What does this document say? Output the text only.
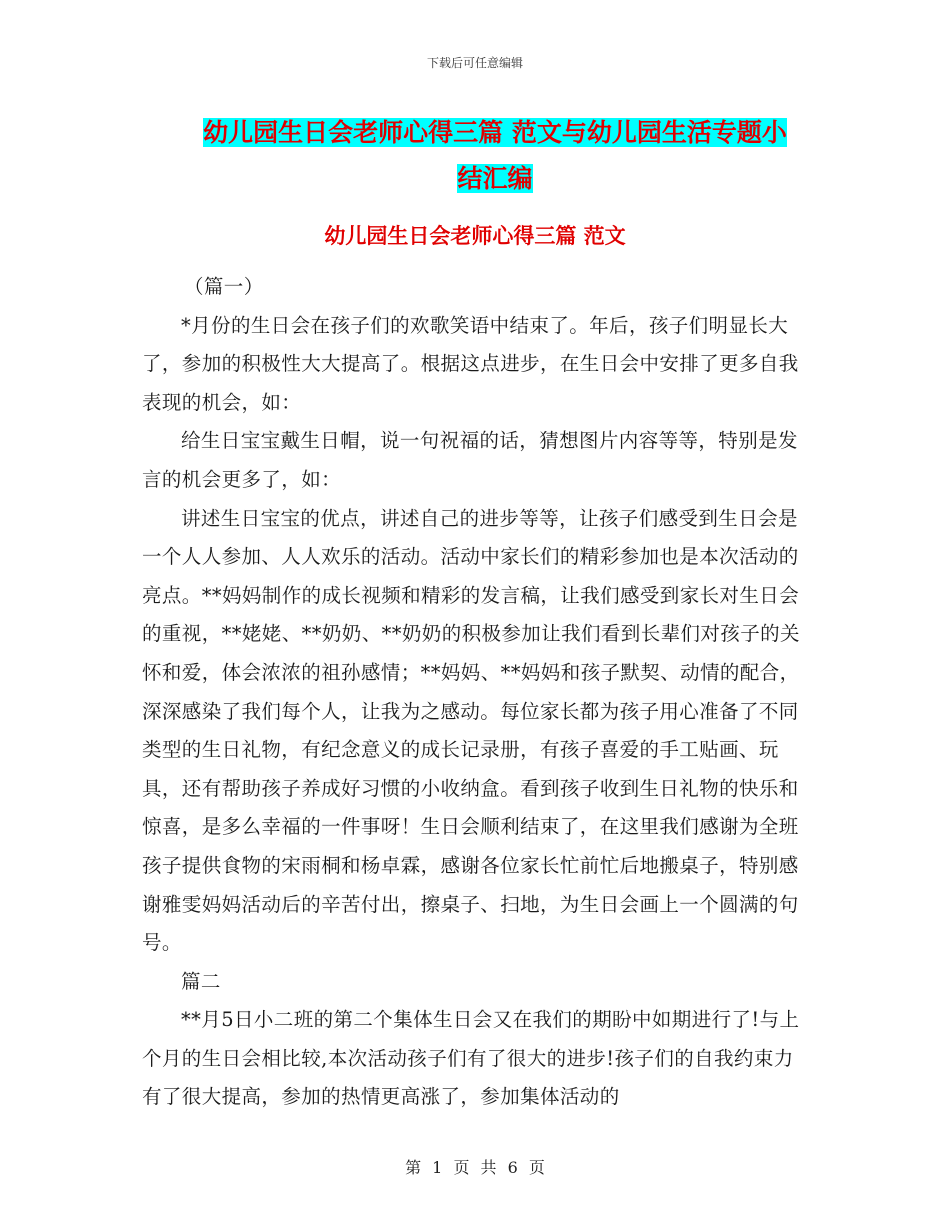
下载后可任意编辑
幼儿园生日会老师心得三篇 范文与幼儿园生活专题小
结汇编
幼儿园生日会老师心得三篇 范文

（篇一）

*月份的生日会在孩子们的欢歌笑语中结束了。年后，孩子们明显长大了，参加的积极性大大提高了。根据这点进步，在生日会中安排了更多自我表现的机会，如：

给生日宝宝戴生日帽，说一句祝福的话，猜想图片内容等等，特别是发言的机会更多了，如：

讲述生日宝宝的优点，讲述自己的进步等等，让孩子们感受到生日会是一个人人参加、人人欢乐的活动。活动中家长们的精彩参加也是本次活动的亮点。**妈妈制作的成长视频和精彩的发言稿，让我们感受到家长对生日会的重视，**姥姥、**奶奶、**奶奶的积极参加让我们看到长辈们对孩子的关怀和爱，体会浓浓的祖孙感情；**妈妈、**妈妈和孩子默契、动情的配合，深深感染了我们每个人，让我为之感动。每位家长都为孩子用心准备了不同类型的生日礼物，有纪念意义的成长记录册，有孩子喜爱的手工贴画、玩具，还有帮助孩子养成好习惯的小收纳盒。看到孩子收到生日礼物的快乐和惊喜，是多么幸福的一件事呀！生日会顺利结束了，在这里我们感谢为全班孩子提供食物的宋雨桐和杨卓霖，感谢各位家长忙前忙后地搬桌子，特别感谢雅雯妈妈活动后的辛苦付出，擦桌子、扫地，为生日会画上一个圆满的句号。

篇二

**月5日小二班的第二个集体生日会又在我们的期盼中如期进行了!与上个月的生日会相比较,本次活动孩子们有了很大的进步!孩子们的自我约束力有了很大提高，参加的热情更高涨了，参加集体活动的

第 1 页 共 6 页
